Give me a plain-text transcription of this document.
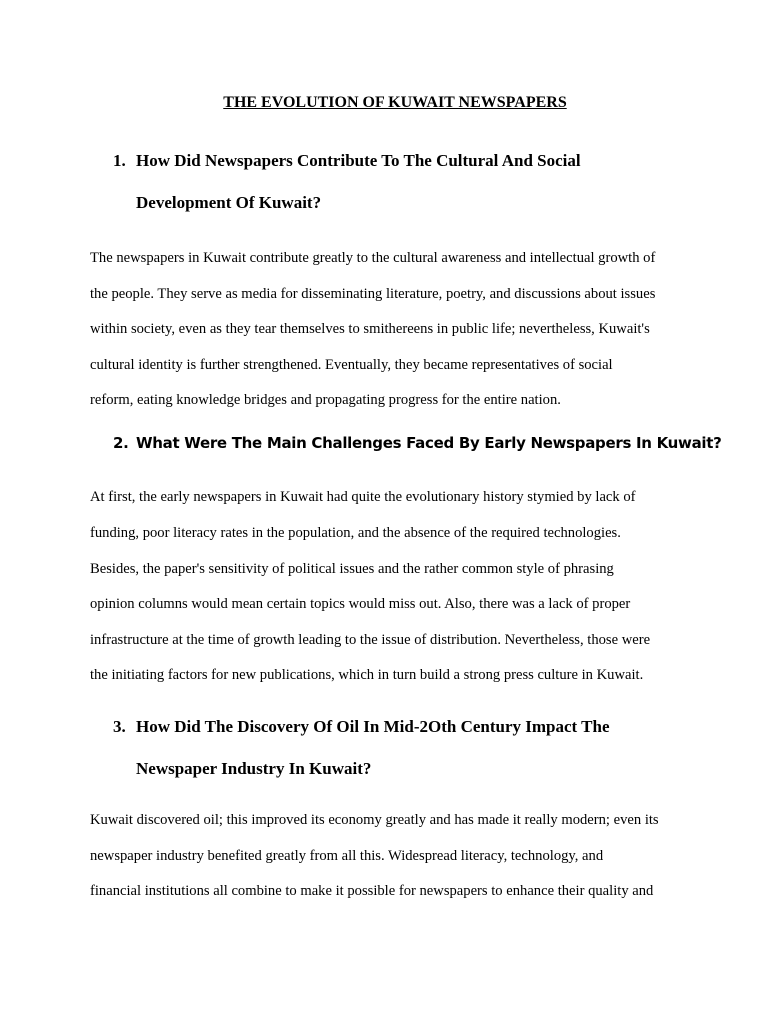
THE EVOLUTION OF KUWAIT NEWSPAPERS
1. How Did Newspapers Contribute To The Cultural And Social
Development Of Kuwait?

The newspapers in Kuwait contribute greatly to the cultural awareness and intellectual growth of

the people. They serve as media for disseminating literature, poetry, and discussions about issues

within society, even as they tear themselves to smithereens in public life; nevertheless, Kuwait's

cultural identity is further strengthened. Eventually, they became representatives of social

reform, eating knowledge bridges and propagating progress for the entire nation.

2. What Were The Main Challenges Faced By Early Newspapers In Kuwait?

At first, the early newspapers in Kuwait had quite the evolutionary history stymied by lack of

funding, poor literacy rates in the population, and the absence of the required technologies.

Besides, the paper's sensitivity of political issues and the rather common style of phrasing

opinion columns would mean certain topics would miss out. Also, there was a lack of proper

infrastructure at the time of growth leading to the issue of distribution. Nevertheless, those were

the initiating factors for new publications, which in turn build a strong press culture in Kuwait.

3. How Did The Discovery Of Oil In Mid-2Oth Century Impact The
Newspaper Industry In Kuwait?

Kuwait discovered oil; this improved its economy greatly and has made it really modern; even its

newspaper industry benefited greatly from all this. Widespread literacy, technology, and

financial institutions all combine to make it possible for newspapers to enhance their quality and
